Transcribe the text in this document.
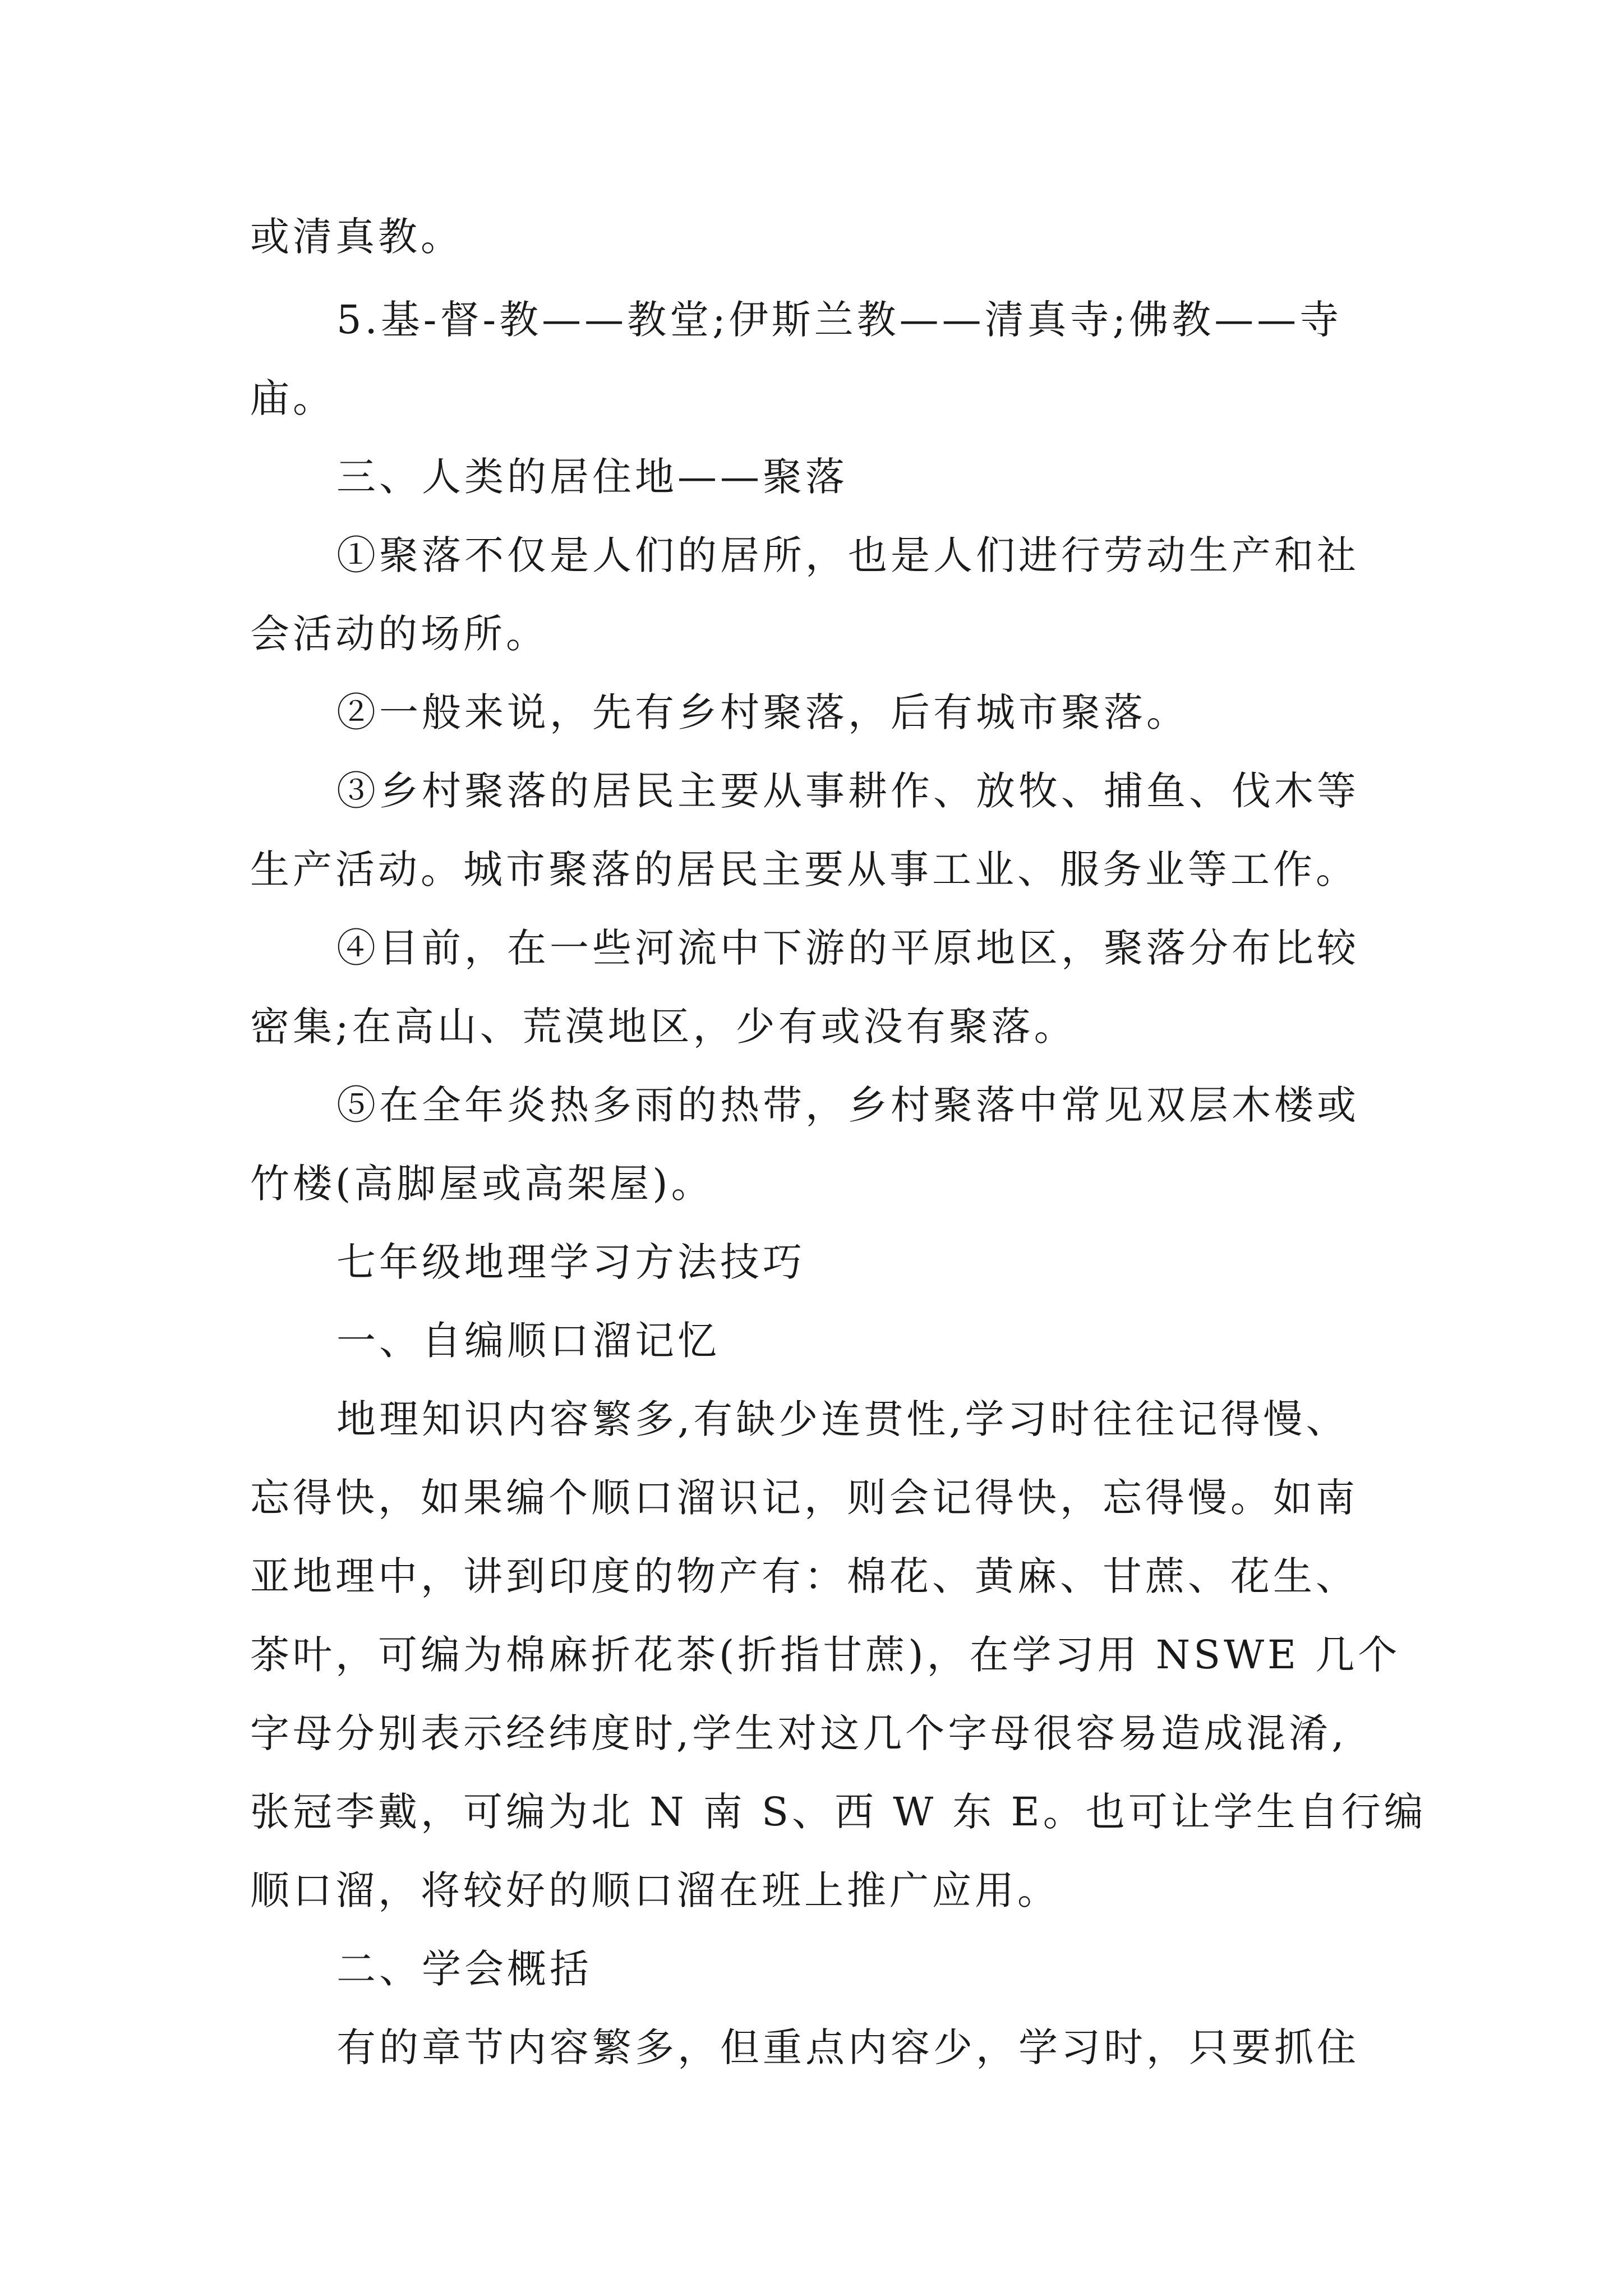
或清真教。
5.基-督-教——教堂;伊斯兰教——清真寺;佛教——寺
庙。
三、人类的居住地——聚落
①聚落不仅是人们的居所，也是人们进行劳动生产和社
会活动的场所。
②一般来说，先有乡村聚落，后有城市聚落。
③乡村聚落的居民主要从事耕作、放牧、捕鱼、伐木等
生产活动。城市聚落的居民主要从事工业、服务业等工作。
④目前，在一些河流中下游的平原地区，聚落分布比较
密集;在高山、荒漠地区，少有或没有聚落。
⑤在全年炎热多雨的热带，乡村聚落中常见双层木楼或
竹楼(高脚屋或高架屋)。
七年级地理学习方法技巧
一、自编顺口溜记忆
地理知识内容繁多,有缺少连贯性,学习时往往记得慢、
忘得快，如果编个顺口溜识记，则会记得快，忘得慢。如南
亚地理中，讲到印度的物产有：棉花、黄麻、甘蔗、花生、
茶叶，可编为棉麻折花茶(折指甘蔗)，在学习用 NSWE 几个
字母分别表示经纬度时,学生对这几个字母很容易造成混淆,
张冠李戴，可编为北 N 南 S、西 W 东 E。也可让学生自行编
顺口溜，将较好的顺口溜在班上推广应用。
二、学会概括
有的章节内容繁多，但重点内容少，学习时，只要抓住
